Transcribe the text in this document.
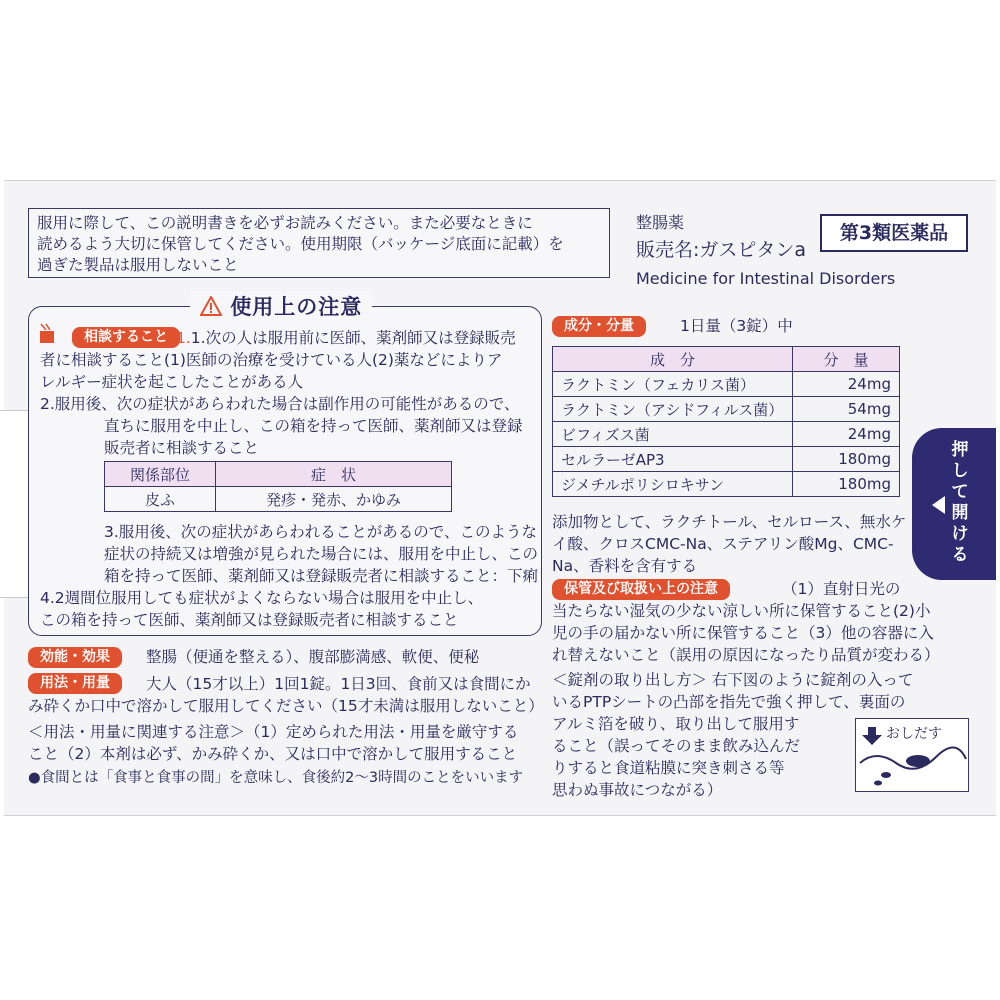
服用に際して、この説明書きを必ずお読みください。また必要なときに
読めるよう大切に保管してください。使用期限（バッケージ底面に記載）を
過ぎた製品は服用しないこと
整腸薬
販売名:ガスピタンa
Medicine for Intestinal Disorders
第3類医薬品
使用上の注意
相談すること 1.1.次の人は服用前に医師、薬剤師又は登録販売
者に相談すること(1)医師の治療を受けている人(2)薬などによりア
レルギー症状を起こしたことがある人
2.服用後、次の症状があらわれた場合は副作用の可能性があるので、
直ちに服用を中止し、この箱を持って医師、薬剤師又は登録
販売者に相談すること
関係部位	症　状
皮ふ	発疹・発赤、かゆみ
3.服用後、次の症状があらわれることがあるので、このような
症状の持続又は増強が見られた場合には、服用を中止し、この
箱を持って医師、薬剤師又は登録販売者に相談すること：下痢
4.2週間位服用しても症状がよくならない場合は服用を中止し、
この箱を持って医師、薬剤師又は登録販売者に相談すること
効能・効果	整腸（便通を整える）、腹部膨満感、軟便、便秘
用法・用量	大人（15才以上）1回1錠。1日3回、食前又は食間にか
み砕くか口中で溶かして服用してください（15才未満は服用しないこと）
＜用法・用量に関連する注意＞（1）定められた用法・用量を厳守する
こと（2）本剤は必ず、かみ砕くか、又は口中で溶かして服用すること
●食間とは「食事と食事の間」を意味し、食後約2～3時間のことをいいます
成分・分量	1日量（3錠）中
成　分	分　量
ラクトミン（フェカリス菌）	24mg
ラクトミン（アシドフィルス菌）	54mg
ビフィズス菌	24mg
セルラーゼAP3	180mg
ジメチルポリシロキサン	180mg
添加物として、ラクチトール、セルロース、無水ケ
イ酸、クロスCMC-Na、ステアリン酸Mg、CMC-
Na、香料を含有する
保管及び取扱い上の注意	（1）直射日光の
当たらない湿気の少ない涼しい所に保管すること(2)小
児の手の届かない所に保管すること（3）他の容器に入
れ替えないこと（誤用の原因になったり品質が変わる）
＜錠剤の取り出し方＞ 右下図のように錠剤の入って
いるPTPシートの凸部を指先で強く押して、裏面の
アルミ箔を破り、取り出して服用す
ること（誤ってそのまま飲み込んだ
りすると食道粘膜に突き刺さる等
思わぬ事故につながる）
おしだす
押して開ける
